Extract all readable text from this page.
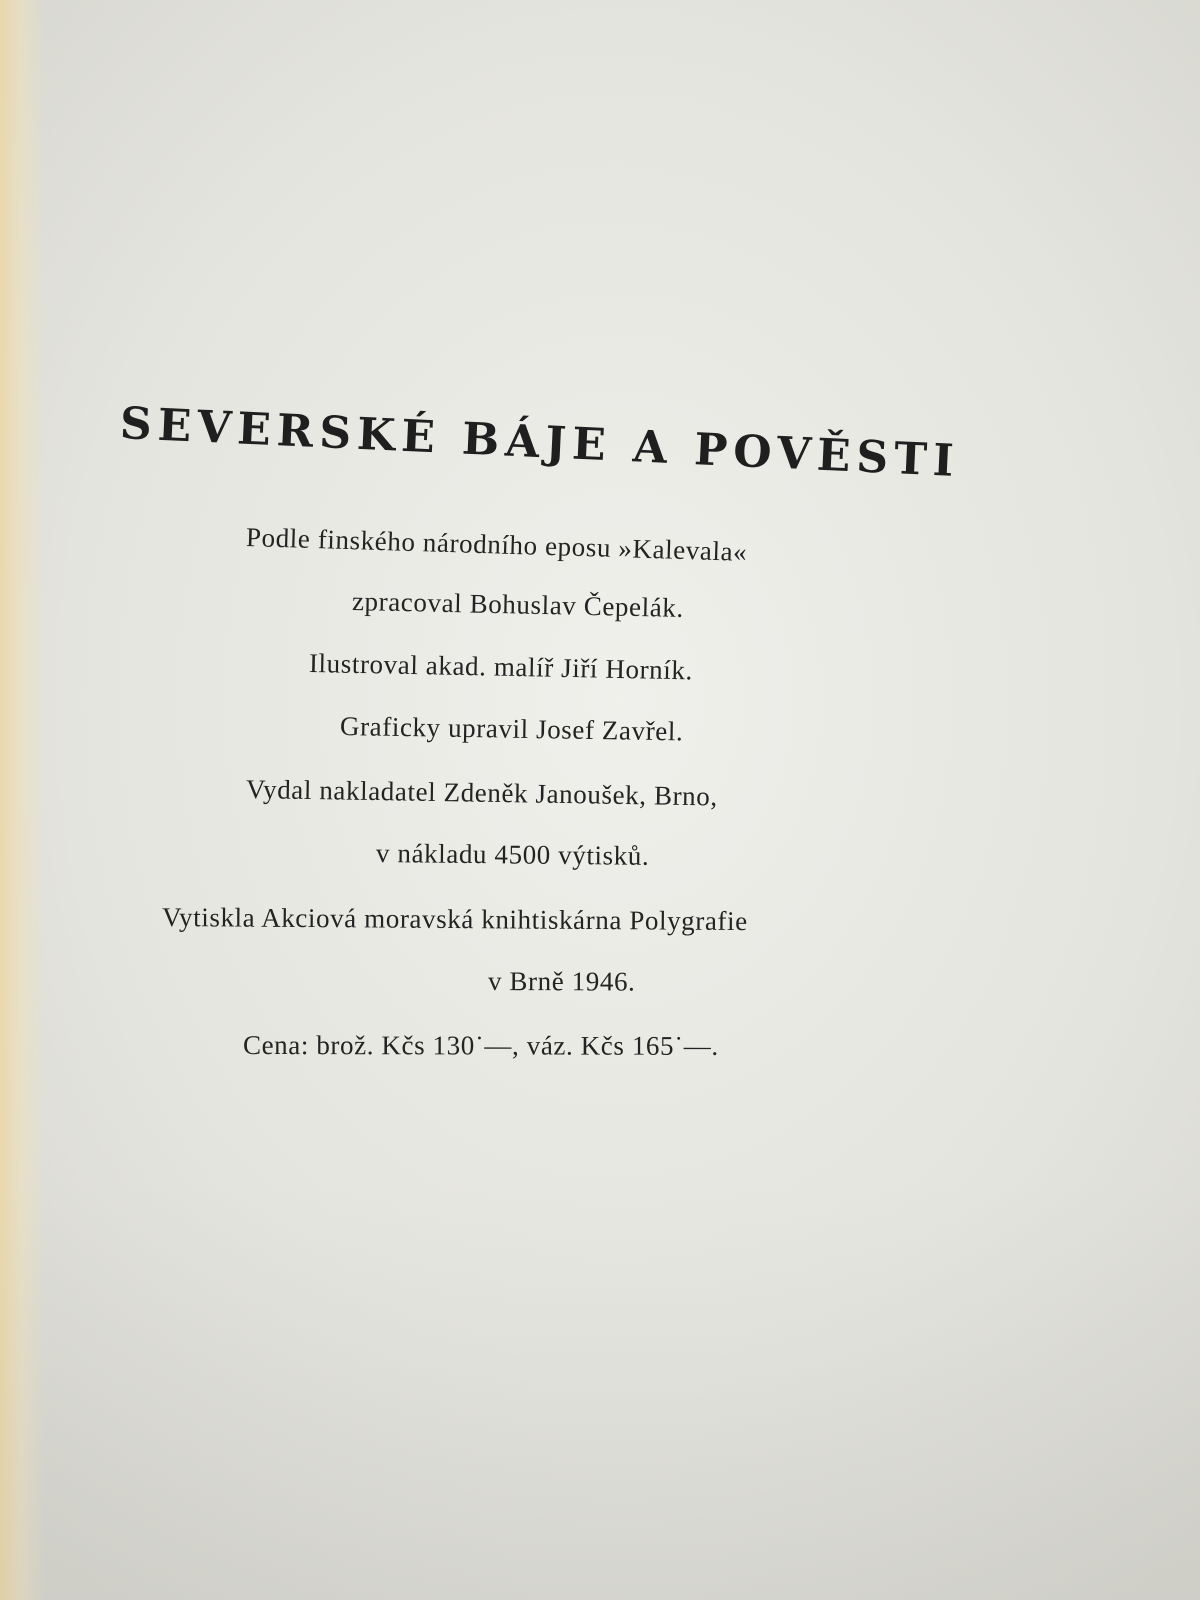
SEVERSKÉ BÁJE A POVĚSTI
Podle finského národního eposu »Kalevala«
zpracoval Bohuslav Čepelák.
Ilustroval akad. malíř Jiří Horník.
Graficky upravil Josef Zavřel.
Vydal nakladatel Zdeněk Janoušek, Brno,
v nákladu 4500 výtisků.
Vytiskla Akciová moravská knihtiskárna Polygrafie
v Brně 1946.
Cena: brož. Kčs 130˙—, váz. Kčs 165˙—.
